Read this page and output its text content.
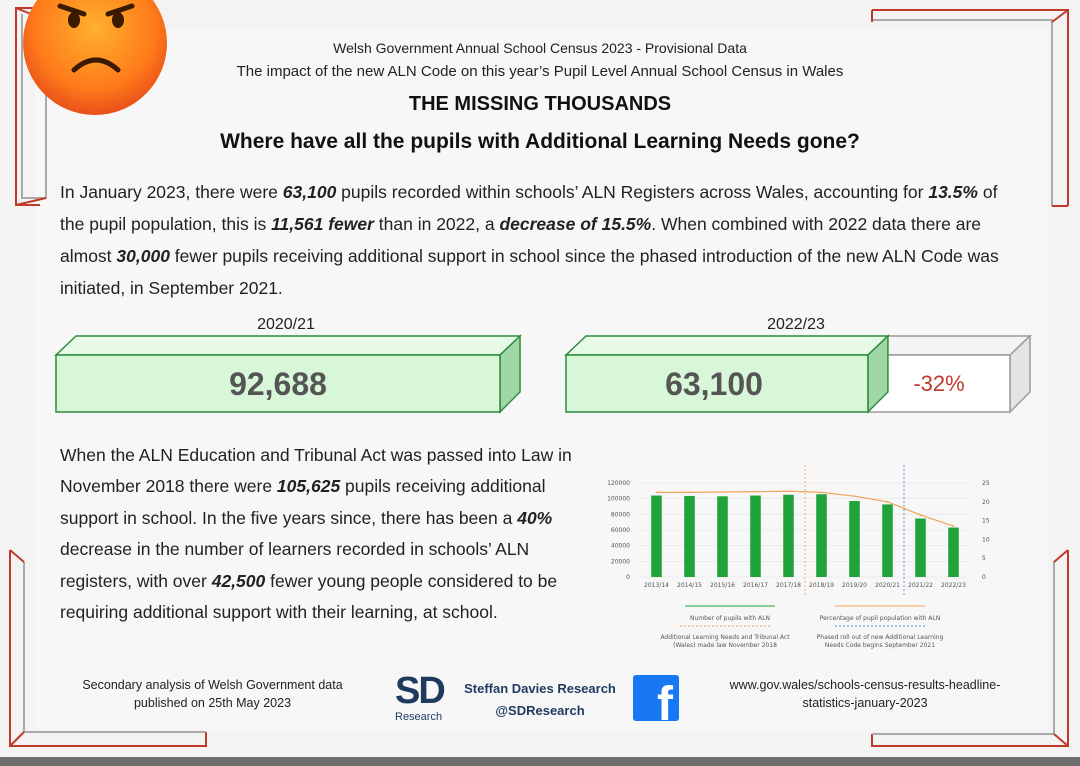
Welsh Government Annual School Census 2023 - Provisional Data
The impact of the new ALN Code on this year’s Pupil Level Annual School Census in Wales
THE MISSING THOUSANDS
Where have all the pupils with Additional Learning Needs gone?
In January 2023, there were 63,100 pupils recorded within schools’ ALN Registers across Wales, accounting for 13.5% of the pupil population, this is 11,561 fewer than in 2022, a decrease of 15.5%. When combined with 2022 data there are almost 30,000 fewer pupils receiving additional support in school since the phased introduction of the new ALN Code was initiated, in September 2021.
2020/21	2022/23
92,688	63,100	-32%
When the ALN Education and Tribunal Act was passed into Law in November 2018 there were 105,625 pupils receiving additional support in school. In the five years since, there has been a 40% decrease in the number of learners recorded in schools’ ALN registers, with over 42,500 fewer young people considered to be requiring additional support with their learning, at school.
0
20000
40000
60000
80000
100000
120000
0
5
10
15
20
25
2013/14 2014/15 2015/16 2016/17 2017/18 2018/19 2019/20 2020/21 2021/22 2022/23
Number of pupils with ALN	Percentage of pupil population with ALN
Additional Learning Needs and Tribunal Act (Wales) made law November 2018
Phased roll out of new Additional Learning Needs Code begins September 2021
Secondary analysis of Welsh Government data
published on 25th May 2023	SD
Research
Steffan Davies Research
@SDResearch	f	www.gov.wales/schools-census-results-headline-
statistics-january-2023
